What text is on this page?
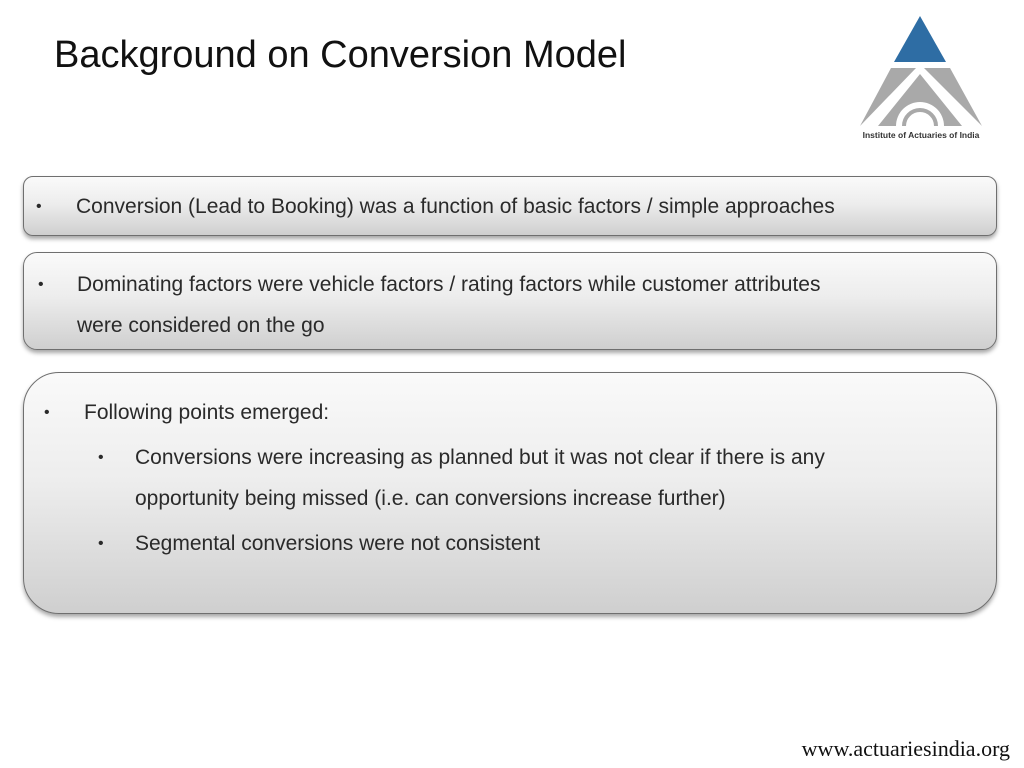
Background on Conversion Model
Institute of Actuaries of India
• Conversion (Lead to Booking) was a function of basic factors / simple approaches
• Dominating factors were vehicle factors / rating factors while customer attributes
were considered on the go
• Following points emerged:
• Conversions were increasing as planned but it was not clear if there is any
opportunity being missed (i.e. can conversions increase further)
• Segmental conversions were not consistent
www.actuariesindia.org
